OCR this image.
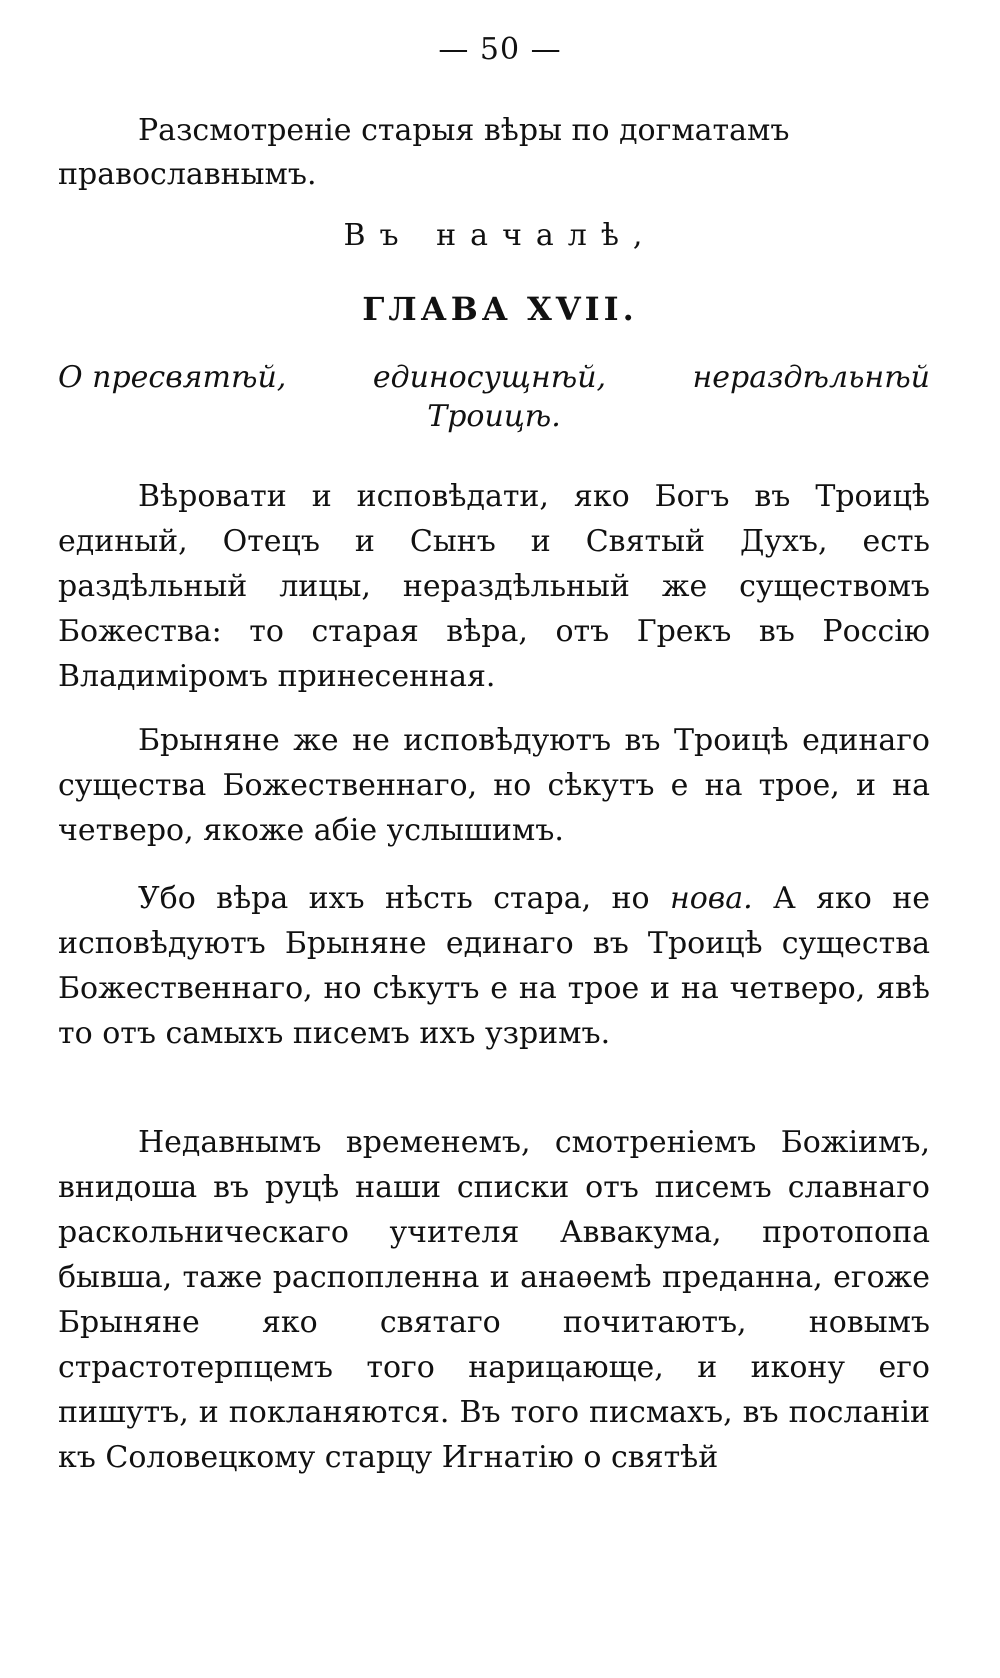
— 50 —
Разсмотреніе старыя вѣры по догматамъ
православнымъ.
Въ началѣ,
ГЛАВА XVII.
О пресвятѣй,	единосущнѣй,	нераздѣльнѣй
Троицѣ.

Вѣровати и исповѣдати, яко Богъ въ Троицѣ единый, Отецъ и Сынъ и Святый Духъ, есть раздѣльный лицы, нераздѣльный же существомъ Божества: то старая вѣра, отъ Грекъ въ Россію Владиміромъ принесенная.

Брыняне же не исповѣдуютъ въ Троицѣ единаго существа Божественнаго, но сѣкутъ е на трое, и на четверо, якоже абіе услышимъ.

Убо вѣра ихъ нѣсть стара, но нова. А яко не исповѣдуютъ Брыняне единаго въ Троицѣ существа Божественнаго, но сѣкутъ е на трое и на четверо, явѣ то отъ самыхъ писемъ ихъ узримъ.

Недавнымъ временемъ, смотреніемъ Божіимъ, внидоша въ руцѣ наши списки отъ писемъ славнаго раскольническаго учителя Аввакума, протопопа бывша, таже распопленна и анаѳемѣ преданна, егоже Брыняне яко святаго почитаютъ, новымъ страстотерпцемъ того нарицающе, и икону его пишутъ, и покланяются. Въ того писмахъ, въ посланіи къ Соловецкому старцу Игнатію о святѣй
